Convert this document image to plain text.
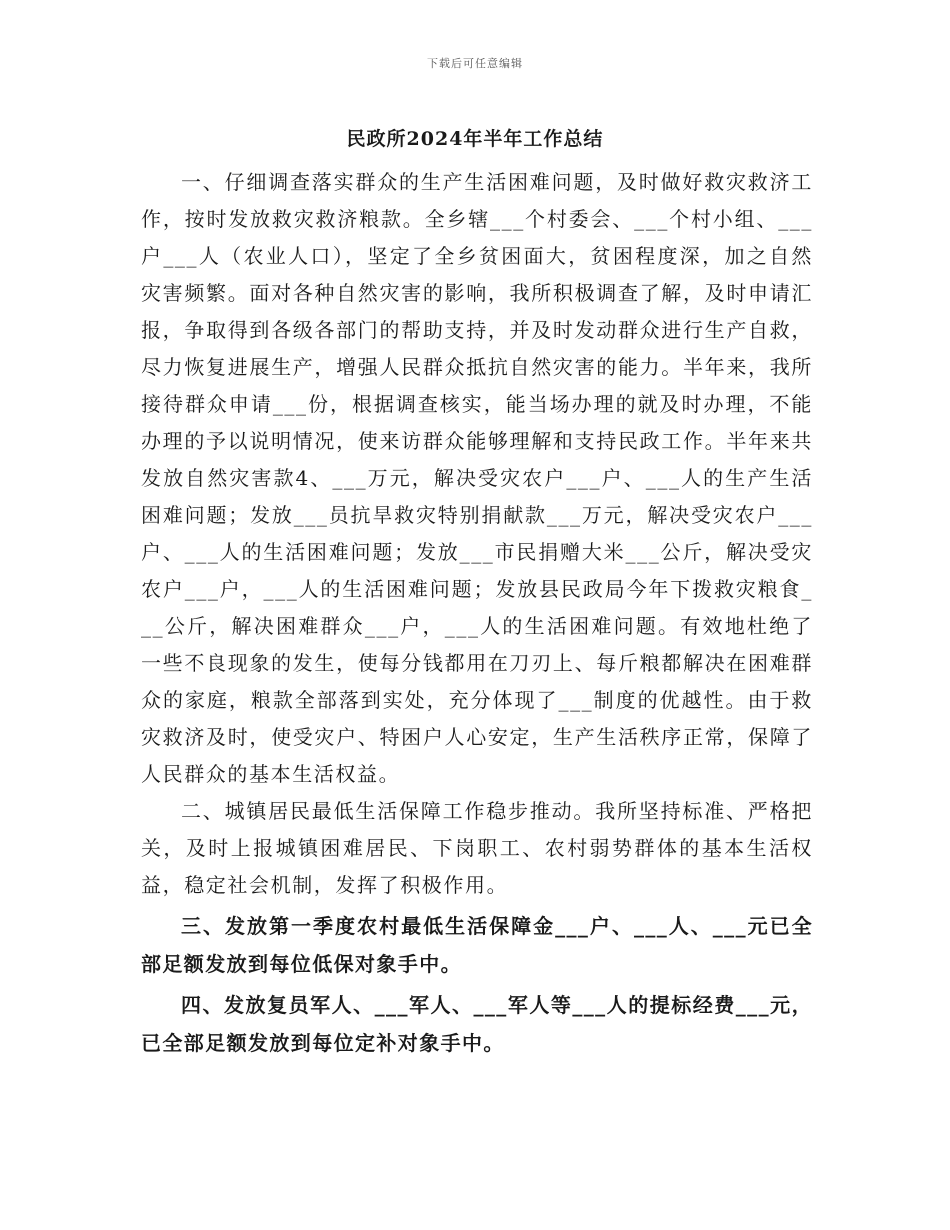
下载后可任意编辑
民政所2024年半年工作总结

一、仔细调查落实群众的生产生活困难问题，及时做好救灾救济工作，按时发放救灾救济粮款。全乡辖___个村委会、___个村小组、___户___人（农业人口），坚定了全乡贫困面大，贫困程度深，加之自然灾害频繁。面对各种自然灾害的影响，我所积极调查了解，及时申请汇报，争取得到各级各部门的帮助支持，并及时发动群众进行生产自救，尽力恢复进展生产，增强人民群众抵抗自然灾害的能力。半年来，我所接待群众申请___份，根据调查核实，能当场办理的就及时办理，不能办理的予以说明情况，使来访群众能够理解和支持民政工作。半年来共发放自然灾害款4、___万元，解决受灾农户___户、___人的生产生活困难问题；发放___员抗旱救灾特别捐献款___万元，解决受灾农户___户、___人的生活困难问题；发放___市民捐赠大米___公斤，解决受灾农户___户，___人的生活困难问题；发放县民政局今年下拨救灾粮食___公斤，解决困难群众___户，___人的生活困难问题。有效地杜绝了一些不良现象的发生，使每分钱都用在刀刃上、每斤粮都解决在困难群众的家庭，粮款全部落到实处，充分体现了___制度的优越性。由于救灾救济及时，使受灾户、特困户人心安定，生产生活秩序正常，保障了人民群众的基本生活权益。

二、城镇居民最低生活保障工作稳步推动。我所坚持标准、严格把关，及时上报城镇困难居民、下岗职工、农村弱势群体的基本生活权益，稳定社会机制，发挥了积极作用。

三、发放第一季度农村最低生活保障金___户、___人、___元已全部足额发放到每位低保对象手中。

四、发放复员军人、___军人、___军人等___人的提标经费___元，已全部足额发放到每位定补对象手中。
